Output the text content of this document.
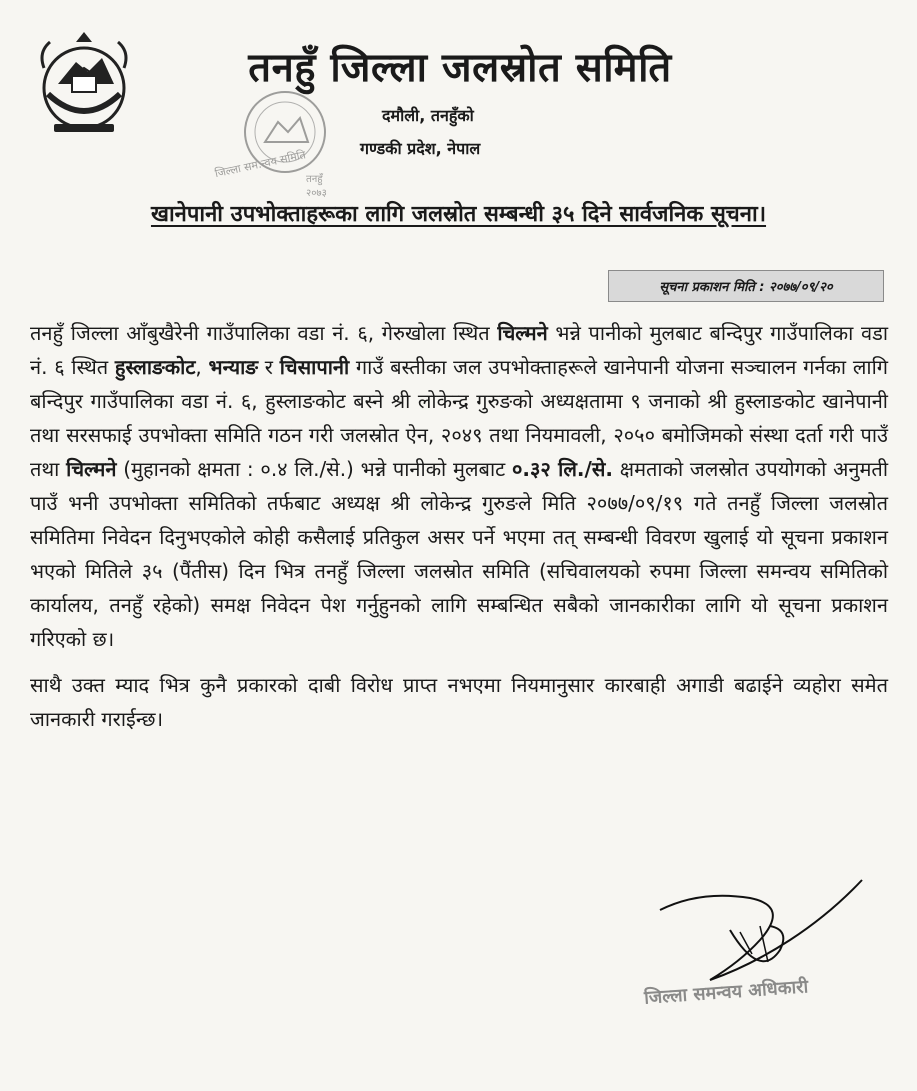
तनहुँ जिल्ला जलस्रोत समिति
दमौली, तनहुँको
गण्डकी प्रदेश, नेपाल
जिल्ला सम.न्वय समिति तनहुँ
२०७३
खानेपानी उपभोक्ताहरूका लागि जलस्रोत सम्बन्धी ३५ दिने सार्वजनिक सूचना।
सूचना प्रकाशन मिति : २०७७/०९/२०

तनहुँ जिल्ला आँबुखैरेनी गाउँपालिका वडा नं. ६, गेरुखोला स्थित चिल्मने भन्ने पानीको मुलबाट बन्दिपुर गाउँपालिका वडा नं. ६ स्थित हुस्लाङकोट, भन्याङ र चिसापानी गाउँ बस्तीका जल उपभोक्ताहरूले खानेपानी योजना सञ्चालन गर्नका लागि बन्दिपुर गाउँपालिका वडा नं. ६, हुस्लाङकोट बस्ने श्री लोकेन्द्र गुरुङको अध्यक्षतामा ९ जनाको श्री हुस्लाङकोट खानेपानी तथा सरसफाई उपभोक्ता समिति गठन गरी जलस्रोत ऐन, २०४९ तथा नियमावली, २०५० बमोजिमको संस्था दर्ता गरी पाउँ तथा चिल्मने (मुहानको क्षमता : ०.४ लि./से.) भन्ने पानीको मुलबाट ०.३२ लि./से. क्षमताको जलस्रोत उपयोगको अनुमती पाउँ भनी उपभोक्ता समितिको तर्फबाट अध्यक्ष श्री लोकेन्द्र गुरुङले मिति २०७७/०९/१९ गते तनहुँ जिल्ला जलस्रोत समितिमा निवेदन दिनुभएकोले कोही कसैलाई प्रतिकुल असर पर्ने भएमा तत् सम्बन्धी विवरण खुलाई यो सूचना प्रकाशन भएको मितिले ३५ (पैंतीस) दिन भित्र तनहुँ जिल्ला जलस्रोत समिति (सचिवालयको रुपमा जिल्ला समन्वय समितिको कार्यालय, तनहुँ रहेको) समक्ष निवेदन पेश गर्नुहुनको लागि सम्बन्धित सबैको जानकारीका लागि यो सूचना प्रकाशन गरिएको छ।

साथै उक्त म्याद भित्र कुनै प्रकारको दाबी विरोध प्राप्त नभएमा नियमानुसार कारबाही अगाडी बढाईने व्यहोरा समेत जानकारी गराईन्छ।

जिल्ला समन्वय अधिकारी
